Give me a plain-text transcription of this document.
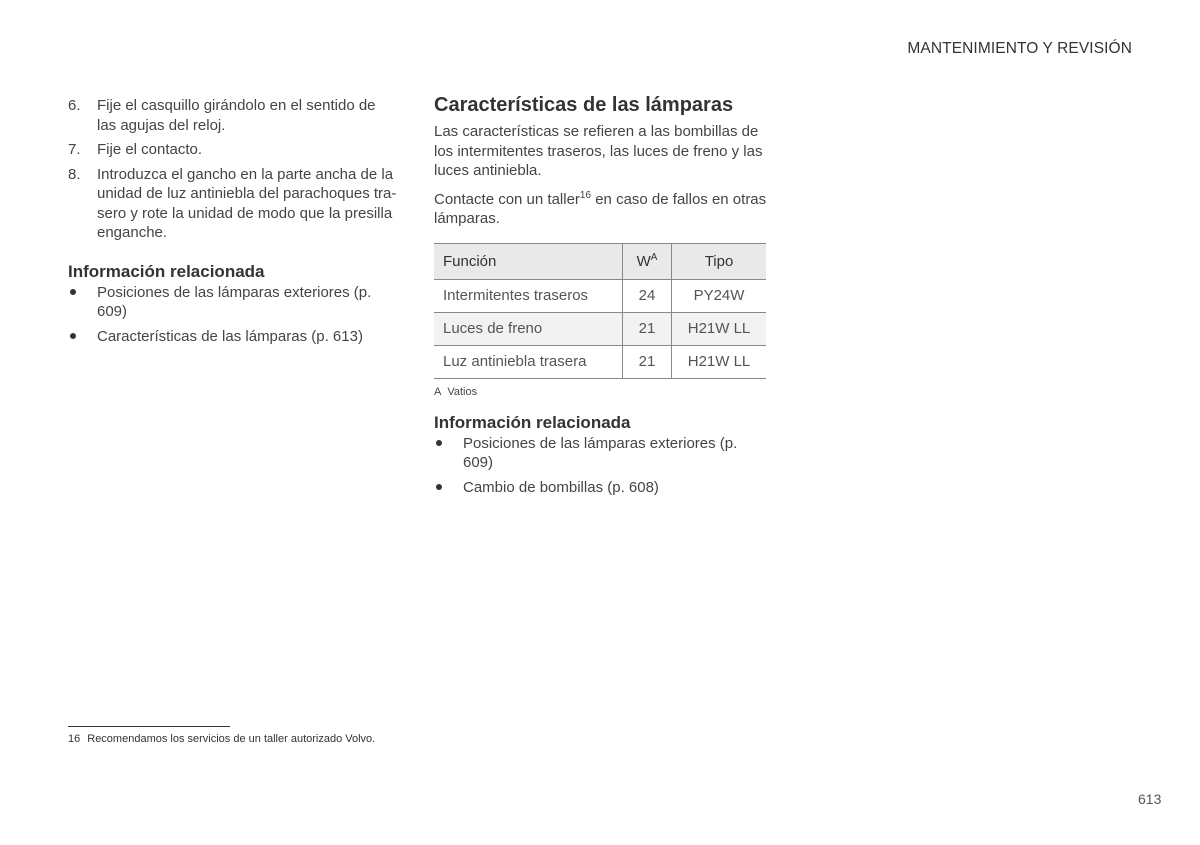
MANTENIMIENTO Y REVISIÓN
6.	Fije el casquillo girándolo en el sentido de las agujas del reloj.
7.	Fije el contacto.
8.	Introduzca el gancho en la parte ancha de la unidad de luz antiniebla del parachoques trasero y rote la unidad de modo que la presilla enganche.
Información relacionada
Posiciones de las lámparas exteriores (p. 609)
Características de las lámparas (p. 613)
Características de las lámparas

Las características se refieren a las bombillas de los intermitentes traseros, las luces de freno y las luces antiniebla.

Contacte con un taller$^{16}$ en caso de fallos en otras lámparas.

Función	$W^A$	Tipo
Intermitentes traseros	24	PY24W
Luces de freno	21	H21W LL
Luz antiniebla trasera	21	H21W LL
A Vatios
Información relacionada
Posiciones de las lámparas exteriores (p. 609)
Cambio de bombillas (p. 608)
16 Recomendamos los servicios de un taller autorizado Volvo.
613
